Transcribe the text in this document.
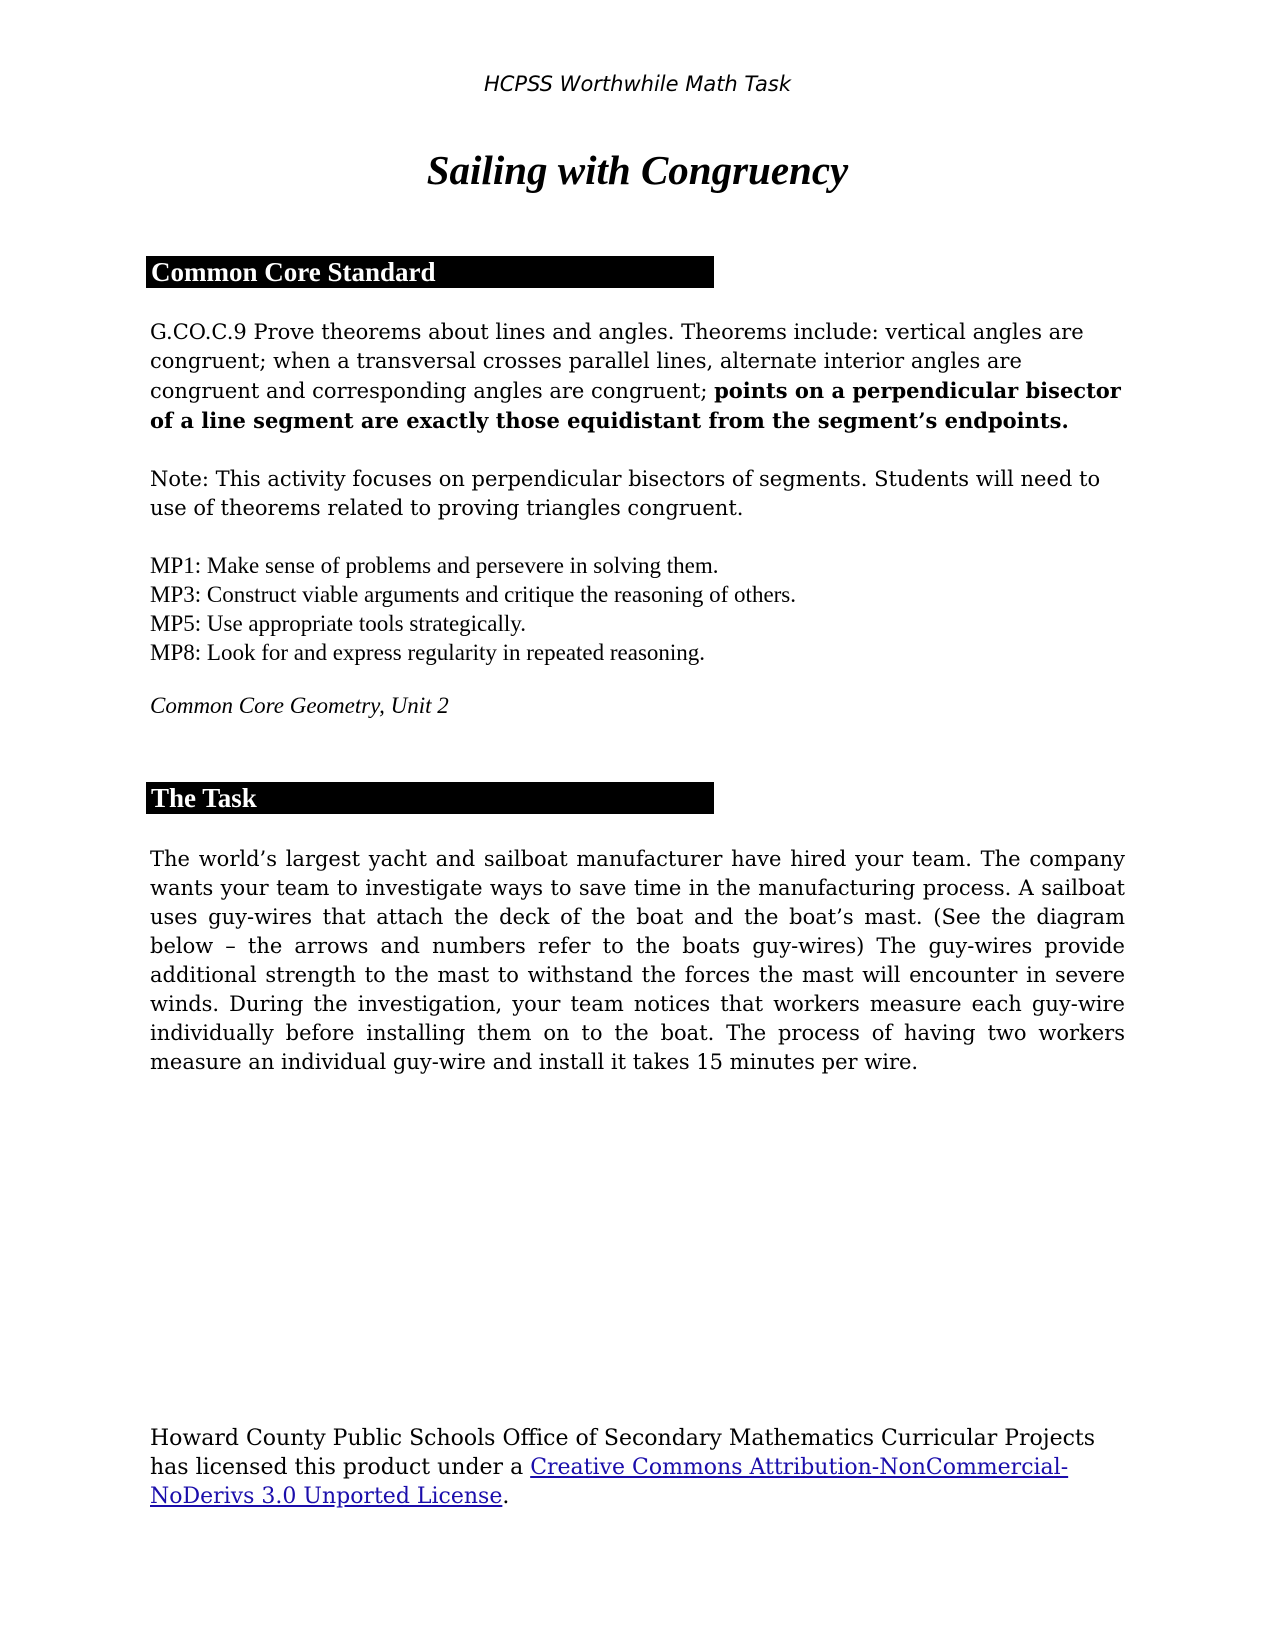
HCPSS Worthwhile Math Task
Sailing with Congruency
Common Core Standard
G.CO.C.9 Prove theorems about lines and angles. Theorems include: vertical angles are congruent; when a transversal crosses parallel lines, alternate interior angles are congruent and corresponding angles are congruent; points on a perpendicular bisector of a line segment are exactly those equidistant from the segment’s endpoints.
Note: This activity focuses on perpendicular bisectors of segments. Students will need to use of theorems related to proving triangles congruent.
MP1: Make sense of problems and persevere in solving them.
MP3: Construct viable arguments and critique the reasoning of others.
MP5: Use appropriate tools strategically.
MP8: Look for and express regularity in repeated reasoning.
Common Core Geometry, Unit 2
The Task
The world’s largest yacht and sailboat manufacturer have hired your team. The company wants your team to investigate ways to save time in the manufacturing process. A sailboat uses guy-wires that attach the deck of the boat and the boat’s mast. (See the diagram below – the arrows and numbers refer to the boats guy-wires) The guy-wires provide additional strength to the mast to withstand the forces the mast will encounter in severe winds. During the investigation, your team notices that workers measure each guy-wire individually before installing them on to the boat. The process of having two workers measure an individual guy-wire and install it takes 15 minutes per wire.
Howard County Public Schools Office of Secondary Mathematics Curricular Projects has licensed this product under a Creative Commons Attribution-NonCommercial-NoDerivs 3.0 Unported License.
